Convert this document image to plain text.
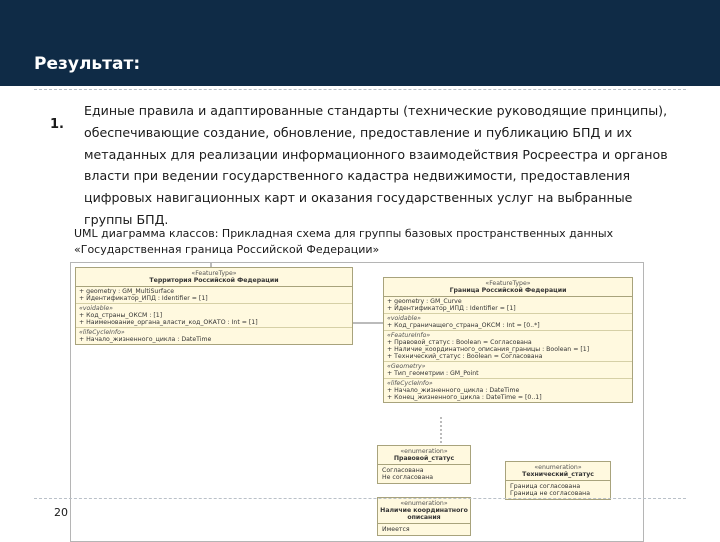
Результат:
1.

Единые правила и адаптированные стандарты (технические руководящие принципы), обеспечивающие создание, обновление, предоставление и публикацию БПД и их метаданных для реализации информационного взаимодействия Росреестра и органов власти при ведении государственного кадастра недвижимости, предоставления цифровых навигационных карт и оказания государственных услуг на выбранные группы БПД.

UML диаграмма классов: Прикладная схема для группы базовых пространственных данных
«Государственная граница Российской Федерации»
«FeatureType»
Территория Российской Федерации
+ geometry : GM_MultiSurface
+ Идентификатор_ИПД : Identifier = [1]
«voidable»
+ Код_страны_ОКСМ : [1]
+ Наименование_органа_власти_код_ОКАТО : Int = [1]
«lifeCycleInfo»
+ Начало_жизненного_цикла : DateTime
«FeatureType»
Граница Российской Федерации
+ geometry : GM_Curve
+ Идентификатор_ИПД : Identifier = [1]
«voidable»
+ Код_граничащего_страна_ОКСМ : Int = [0..*]
«FeatureInfo»
+ Правовой_статус : Boolean = Согласована
+ Наличие_координатного_описания_границы : Boolean = [1]
+ Технический_статус : Boolean = Согласована
«Geometry»
+ Тип_геометрии : GM_Point
«lifeCycleInfo»
+ Начало_жизненного_цикла : DateTime
+ Конец_жизненного_цикла : DateTime = [0..1]
«enumeration»
Правовой_статус
Согласована
Не согласована
«enumeration»
Технический_статус
Граница согласована
Граница не согласована
«enumeration»
Наличие координатного описания
Имеется
20
